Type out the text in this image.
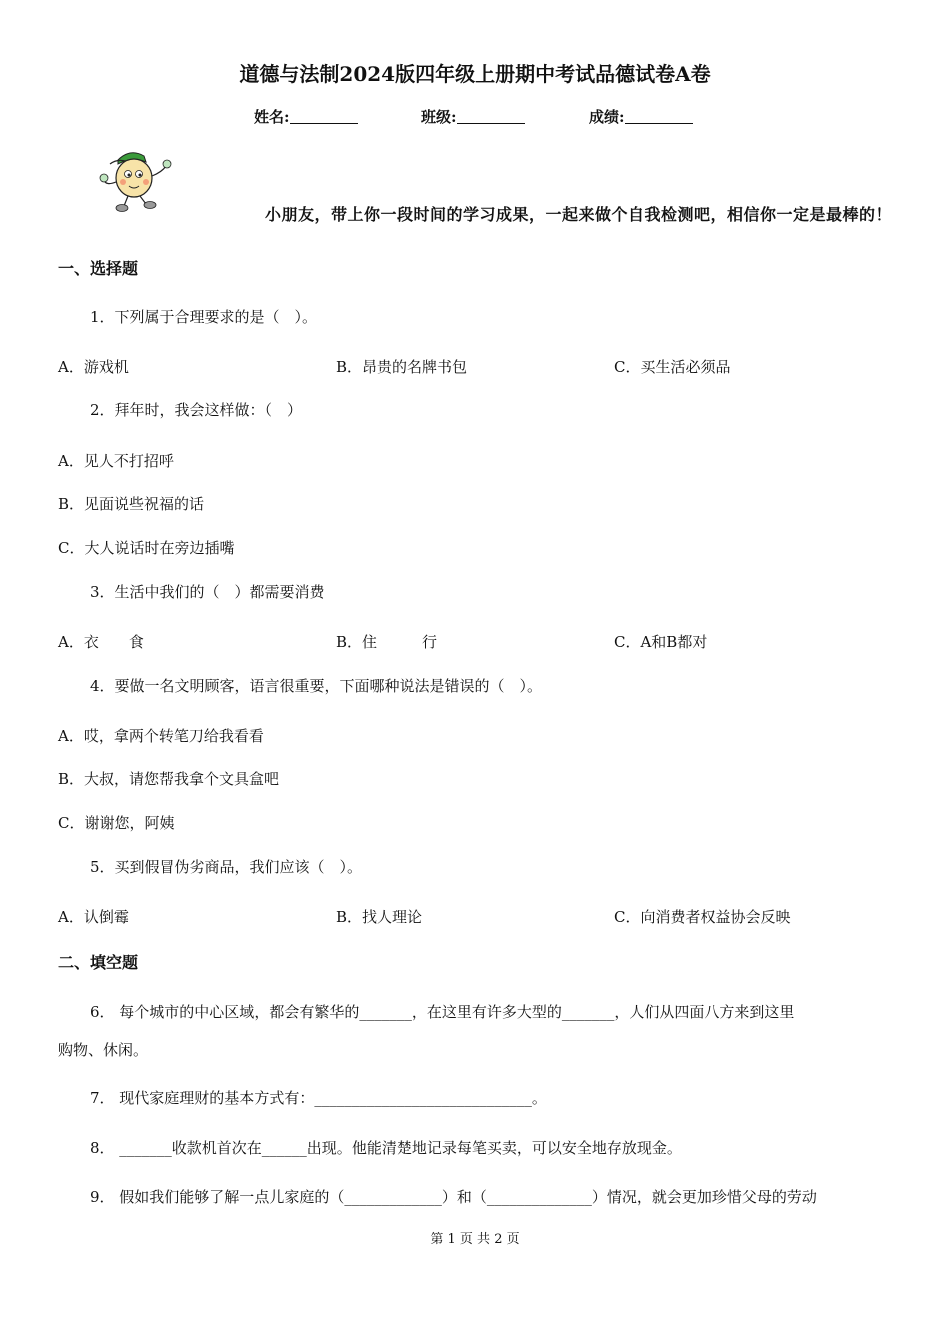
道德与法制2024版四年级上册期中考试品德试卷A卷
姓名:	班级:	成绩:
小朋友，带上你一段时间的学习成果，一起来做个自我检测吧，相信你一定是最棒的！
一、选择题
1．下列属于合理要求的是（　）。
A．游戏机	B．昂贵的名牌书包	C．买生活必须品
2．拜年时，我会这样做：（　）
A．见人不打招呼
B．见面说些祝福的话
C．大人说话时在旁边插嘴
3．生活中我们的（　）都需要消费
A．衣　　食	B．住　　　行	C．A和B都对
4．要做一名文明顾客，语言很重要，下面哪种说法是错误的（　）。
A．哎，拿两个转笔刀给我看看
B．大叔，请您帮我拿个文具盒吧
C．谢谢您，阿姨
5．买到假冒伪劣商品，我们应该（　）。
A．认倒霉	B．找人理论	C．向消费者权益协会反映
二、填空题
6． 每个城市的中心区域，都会有繁华的_______，在这里有许多大型的_______，人们从四面八方来到这里
购物、休闲。
7． 现代家庭理财的基本方式有：_____________________________。
8． _______收款机首次在______出现。他能清楚地记录每笔买卖，可以安全地存放现金。
9． 假如我们能够了解一点儿家庭的（_____________）和（______________）情况，就会更加珍惜父母的劳动
第 1 页 共 2 页
